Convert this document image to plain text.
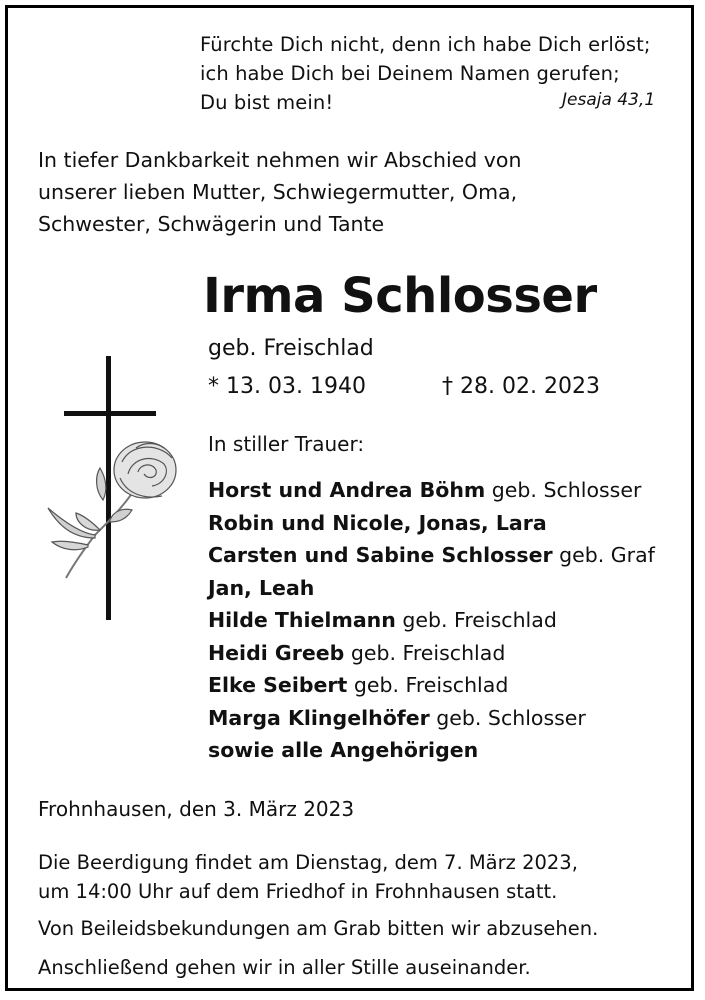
Fürchte Dich nicht, denn ich habe Dich erlöst;
ich habe Dich bei Deinem Namen gerufen;
Du bist mein!	Jesaja 43,1
In tiefer Dankbarkeit nehmen wir Abschied von
unserer lieben Mutter, Schwiegermutter, Oma,
Schwester, Schwägerin und Tante
Irma Schlosser
geb. Freischlad
* 13. 03. 1940	† 28. 02. 2023
In stiller Trauer:
Horst und Andrea Böhm geb. Schlosser
Robin und Nicole, Jonas, Lara
Carsten und Sabine Schlosser geb. Graf
Jan, Leah
Hilde Thielmann geb. Freischlad
Heidi Greeb geb. Freischlad
Elke Seibert geb. Freischlad
Marga Klingelhöfer geb. Schlosser
sowie alle Angehörigen
Frohnhausen, den 3. März 2023
Die Beerdigung findet am Dienstag, dem 7. März 2023,
um 14:00 Uhr auf dem Friedhof in Frohnhausen statt.
Von Beileidsbekundungen am Grab bitten wir abzusehen.
Anschließend gehen wir in aller Stille auseinander.
